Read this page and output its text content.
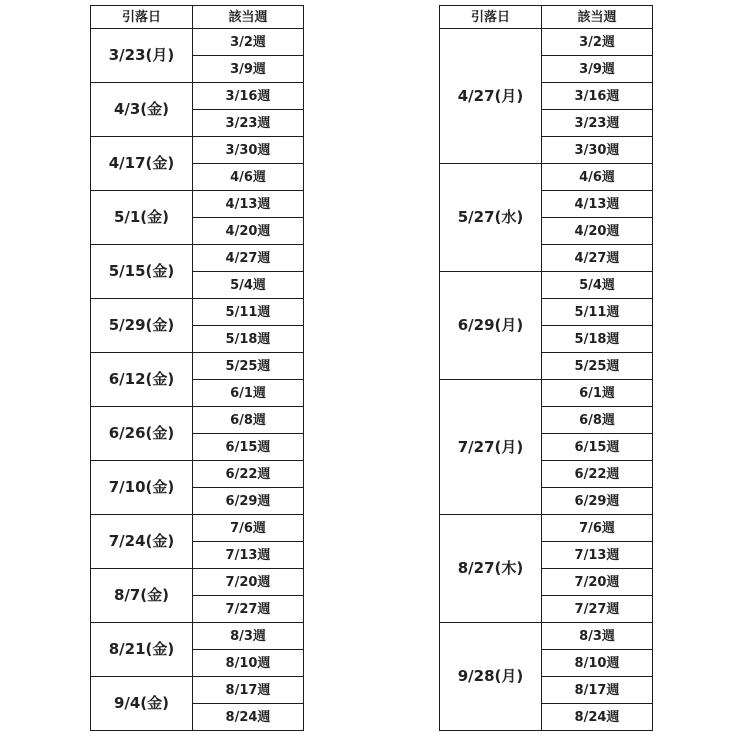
引落日	該当週
3/23(月)	3/2週
	3/9週
4/3(金)	3/16週
	3/23週
4/17(金)	3/30週
	4/6週
5/1(金)	4/13週
	4/20週
5/15(金)	4/27週
	5/4週
5/29(金)	5/11週
	5/18週
6/12(金)	5/25週
	6/1週
6/26(金)	6/8週
	6/15週
7/10(金)	6/22週
	6/29週
7/24(金)	7/6週
	7/13週
8/7(金)	7/20週
	7/27週
8/21(金)	8/3週
	8/10週
9/4(金)	8/17週
	8/24週
引落日	該当週
4/27(月)	3/2週
	3/9週
	3/16週
	3/23週
	3/30週
5/27(水)	4/6週
	4/13週
	4/20週
	4/27週
6/29(月)	5/4週
	5/11週
	5/18週
	5/25週
7/27(月)	6/1週
	6/8週
	6/15週
	6/22週
	6/29週
8/27(木)	7/6週
	7/13週
	7/20週
	7/27週
9/28(月)	8/3週
	8/10週
	8/17週
	8/24週
